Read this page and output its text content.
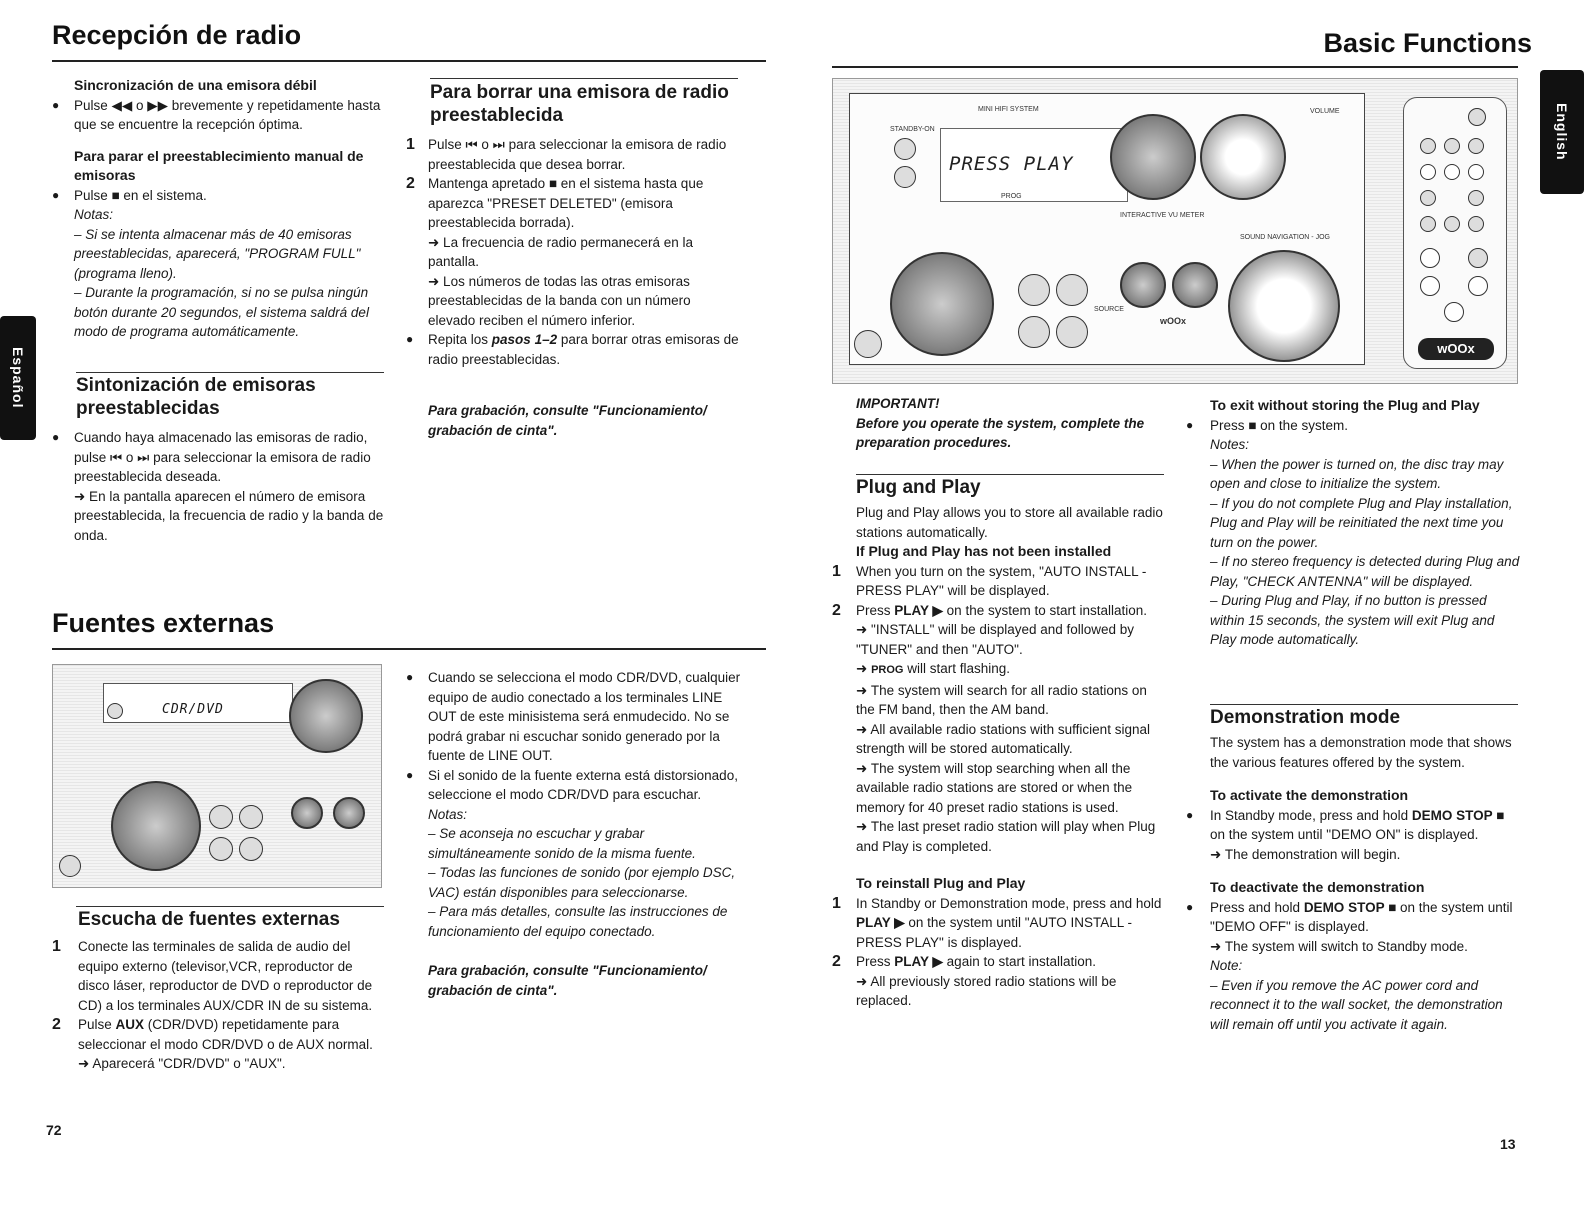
Recepción de radio
Español

Sincronización de una emisora débil

● Pulse ◀◀ o ▶▶ brevemente y repetidamente hasta que se encuentre la recepción óptima.

Para parar el preestablecimiento manual de emisoras

● Pulse ■ en el sistema.

Notas:

– Si se intenta almacenar más de 40 emisoras preestablecidas, aparecerá, "PROGRAM FULL" (programa lleno).

– Durante la programación, si no se pulsa ningún botón durante 20 segundos, el sistema saldrá del modo de programa automáticamente.

Sintonización de emisoras preestablecidas

● Cuando haya almacenado las emisoras de radio, pulse ⏮ o ⏭ para seleccionar la emisora de radio preestablecida deseada.

➜ En la pantalla aparecen el número de emisora preestablecida, la frecuencia de radio y la banda de onda.

Para borrar una emisora de radio preestablecida

1 Pulse ⏮ o ⏭ para seleccionar la emisora de radio preestablecida que desea borrar.

2 Mantenga apretado ■ en el sistema hasta que aparezca "PRESET DELETED" (emisora preestablecida borrada).

➜ La frecuencia de radio permanecerá en la pantalla.

➜ Los números de todas las otras emisoras preestablecidas de la banda con un número elevado reciben el número inferior.

● Repita los pasos 1–2 para borrar otras emisoras de radio preestablecidas.

Para grabación, consulte "Funcionamiento/ grabación de cinta".

Fuentes externas
CDR/DVD

Escucha de fuentes externas

1 Conecte las terminales de salida de audio del equipo externo (televisor,VCR, reproductor de disco láser, reproductor de DVD o reproductor de CD) a los terminales AUX/CDR IN de su sistema.

2 Pulse AUX (CDR/DVD) repetidamente para seleccionar el modo CDR/DVD o de AUX normal.

➜ Aparecerá "CDR/DVD" o "AUX".

● Cuando se selecciona el modo CDR/DVD, cualquier equipo de audio conectado a los terminales LINE OUT de este minisistema será enmudecido. No se podrá grabar ni escuchar sonido generado por la fuente de LINE OUT.

● Si el sonido de la fuente externa está distorsionado, seleccione el modo CDR/DVD para escuchar.

Notas:

– Se aconseja no escuchar y grabar simultáneamente sonido de la misma fuente.

– Todas las funciones de sonido (por ejemplo DSC, VAC) están disponibles para seleccionarse.

– Para más detalles, consulte las instrucciones de funcionamiento del equipo conectado.

Para grabación, consulte "Funcionamiento/ grabación de cinta".

72
Basic Functions
English
MINI HIFI SYSTEM
STANDBY-ON
VOLUME
PRESS PLAY
PROG
INTERACTIVE VU METER
SOURCE
wOOx
SOUND NAVIGATION - JOG
wOOx

IMPORTANT!

Before you operate the system, complete the preparation procedures.

Plug and Play

Plug and Play allows you to store all available radio stations automatically.

If Plug and Play has not been installed

1 When you turn on the system, "AUTO INSTALL - PRESS PLAY" will be displayed.

2 Press PLAY ▶ on the system to start installation.

➜ "INSTALL" will be displayed and followed by "TUNER" and then "AUTO".

➜ PROG will start flashing.

➜ The system will search for all radio stations on the FM band, then the AM band.

➜ All available radio stations with sufficient signal strength will be stored automatically.

➜ The system will stop searching when all the available radio stations are stored or when the memory for 40 preset radio stations is used.

➜ The last preset radio station will play when Plug and Play is completed.

To reinstall Plug and Play

1 In Standby or Demonstration mode, press and hold PLAY ▶ on the system until "AUTO INSTALL - PRESS PLAY" is displayed.

2 Press PLAY ▶ again to start installation.

➜ All previously stored radio stations will be replaced.

To exit without storing the Plug and Play

● Press ■ on the system.

Notes:

– When the power is turned on, the disc tray may open and close to initialize the system.

– If you do not complete Plug and Play installation, Plug and Play will be reinitiated the next time you turn on the power.

– If no stereo frequency is detected during Plug and Play, "CHECK ANTENNA" will be displayed.

– During Plug and Play, if no button is pressed within 15 seconds, the system will exit Plug and Play mode automatically.

Demonstration mode

The system has a demonstration mode that shows the various features offered by the system.

To activate the demonstration

● In Standby mode, press and hold DEMO STOP ■ on the system until "DEMO ON" is displayed.

➜ The demonstration will begin.

To deactivate the demonstration

● Press and hold DEMO STOP ■ on the system until "DEMO OFF" is displayed.

➜ The system will switch to Standby mode.

Note:

– Even if you remove the AC power cord and reconnect it to the wall socket, the demonstration will remain off until you activate it again.

13
